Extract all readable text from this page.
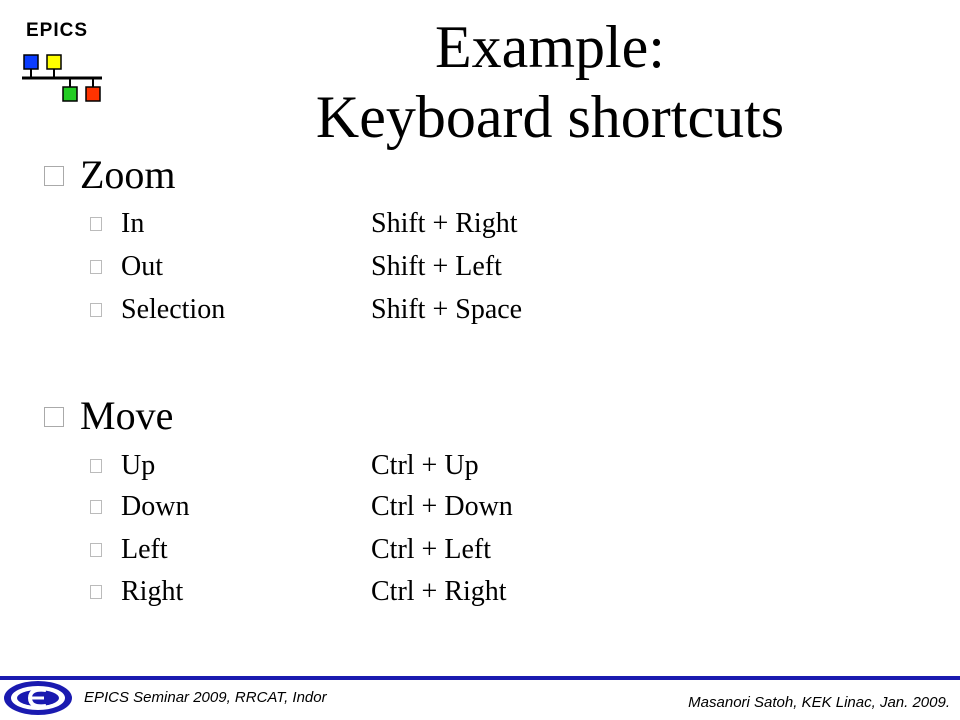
EPICS	Example:
Keyboard shortcuts
Zoom
In	Shift + Right
Out	Shift + Left
Selection	Shift + Space
Move
Up	Ctrl + Up
Down	Ctrl + Down
Left	Ctrl + Left
Right	Ctrl + Right
EPICS Seminar 2009, RRCAT, Indor	Masanori Satoh, KEK Linac, Jan. 2009.
